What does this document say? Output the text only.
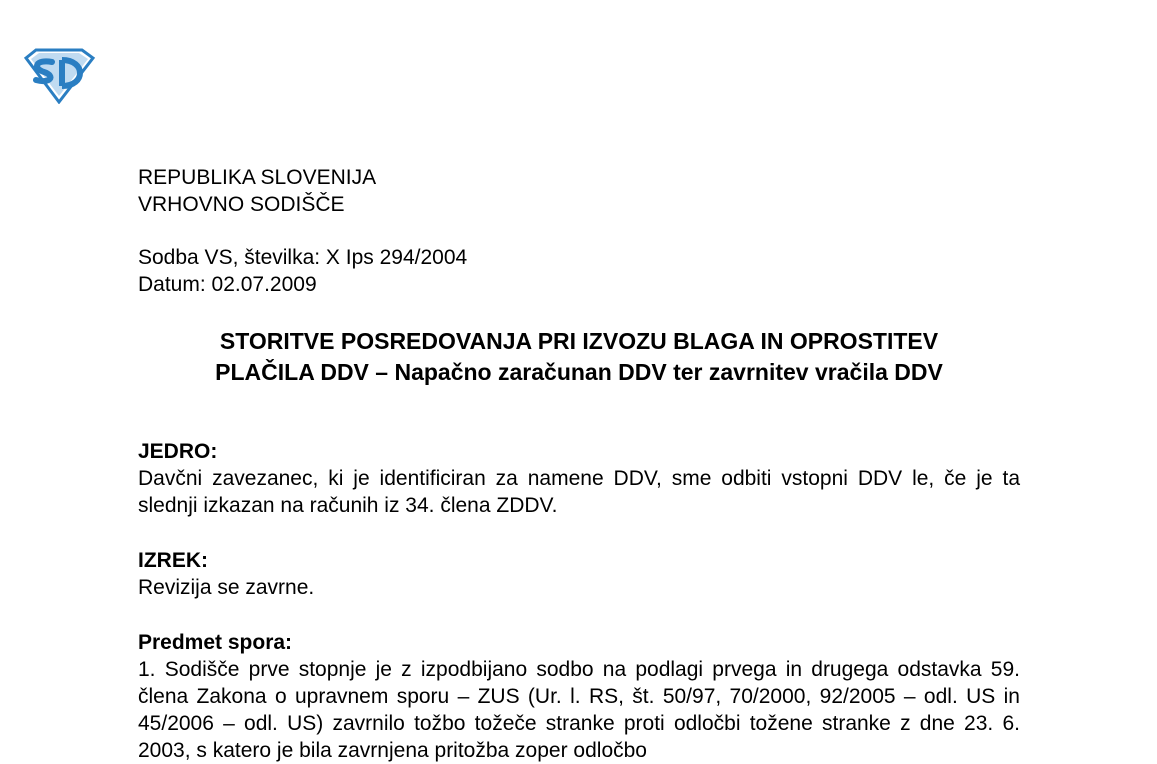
REPUBLIKA SLOVENIJA
VRHOVNO SODIŠČE
Sodba VS, številka: X Ips 294/2004
Datum: 02.07.2009
STORITVE POSREDOVANJA PRI IZVOZU BLAGA IN OPROSTITEV
PLAČILA DDV – Napačno zaračunan DDV ter zavrnitev vračila DDV
JEDRO:
Davčni zavezanec, ki je identificiran za namene DDV, sme odbiti vstopni DDV le, če je ta slednji izkazan na računih iz 34. člena ZDDV.
IZREK:
Revizija se zavrne.
Predmet spora:
1. Sodišče prve stopnje je z izpodbijano sodbo na podlagi prvega in drugega odstavka 59. člena Zakona o upravnem sporu – ZUS (Ur. l. RS, št. 50/97, 70/2000, 92/2005 – odl. US in 45/2006 – odl. US) zavrnilo tožbo tožeče stranke proti odločbi tožene stranke z dne 23. 6. 2003, s katero je bila zavrnjena pritožba zoper odločbo
